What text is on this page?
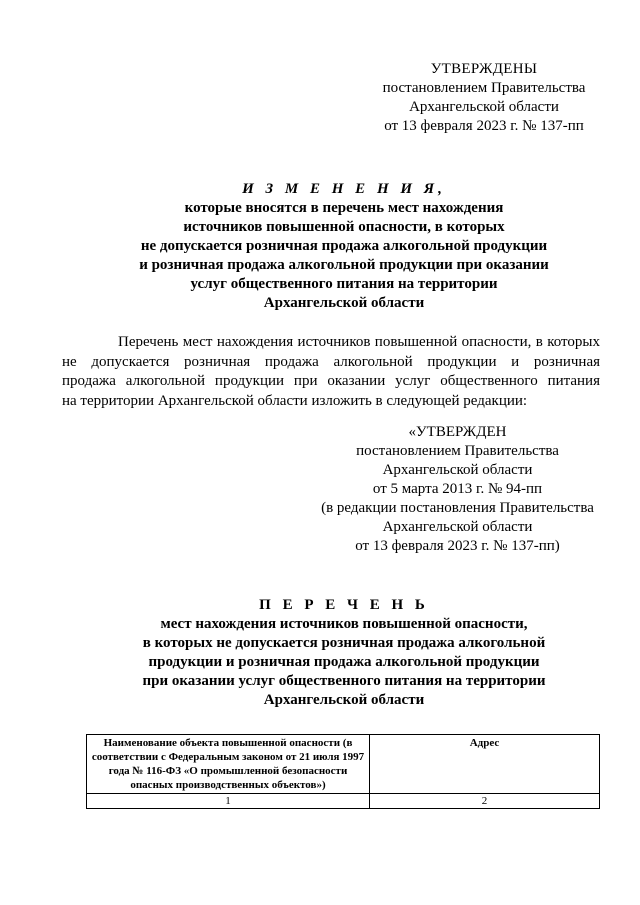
УТВЕРЖДЕНЫ
постановлением Правительства
Архангельской области
от 13 февраля 2023 г. № 137-пп
И З М Е Н Е Н И Я,
которые вносятся в перечень мест нахождения
источников повышенной опасности, в которых
не допускается розничная продажа алкогольной продукции
и розничная продажа алкогольной продукции при оказании
услуг общественного питания на территории
Архангельской области
Перечень мест нахождения источников повышенной опасности, в которых
не допускается розничная продажа алкогольной продукции и розничная
продажа алкогольной продукции при оказании услуг общественного питания
на территории Архангельской области изложить в следующей редакции:
«УТВЕРЖДЕН
постановлением Правительства
Архангельской области
от 5 марта 2013 г. № 94-пп
(в редакции постановления Правительства
Архангельской области
от 13 февраля 2023 г. № 137-пп)
П Е Р Е Ч Е Н Ь
мест нахождения источников повышенной опасности,
в которых не допускается розничная продажа алкогольной
продукции и розничная продажа алкогольной продукции
при оказании услуг общественного питания на территории
Архангельской области
Наименование объекта повышенной опасности (в соответствии с Федеральным законом от 21 июля 1997 года № 116-ФЗ «О промышленной безопасности опасных производственных объектов»)	Адрес
1	2
